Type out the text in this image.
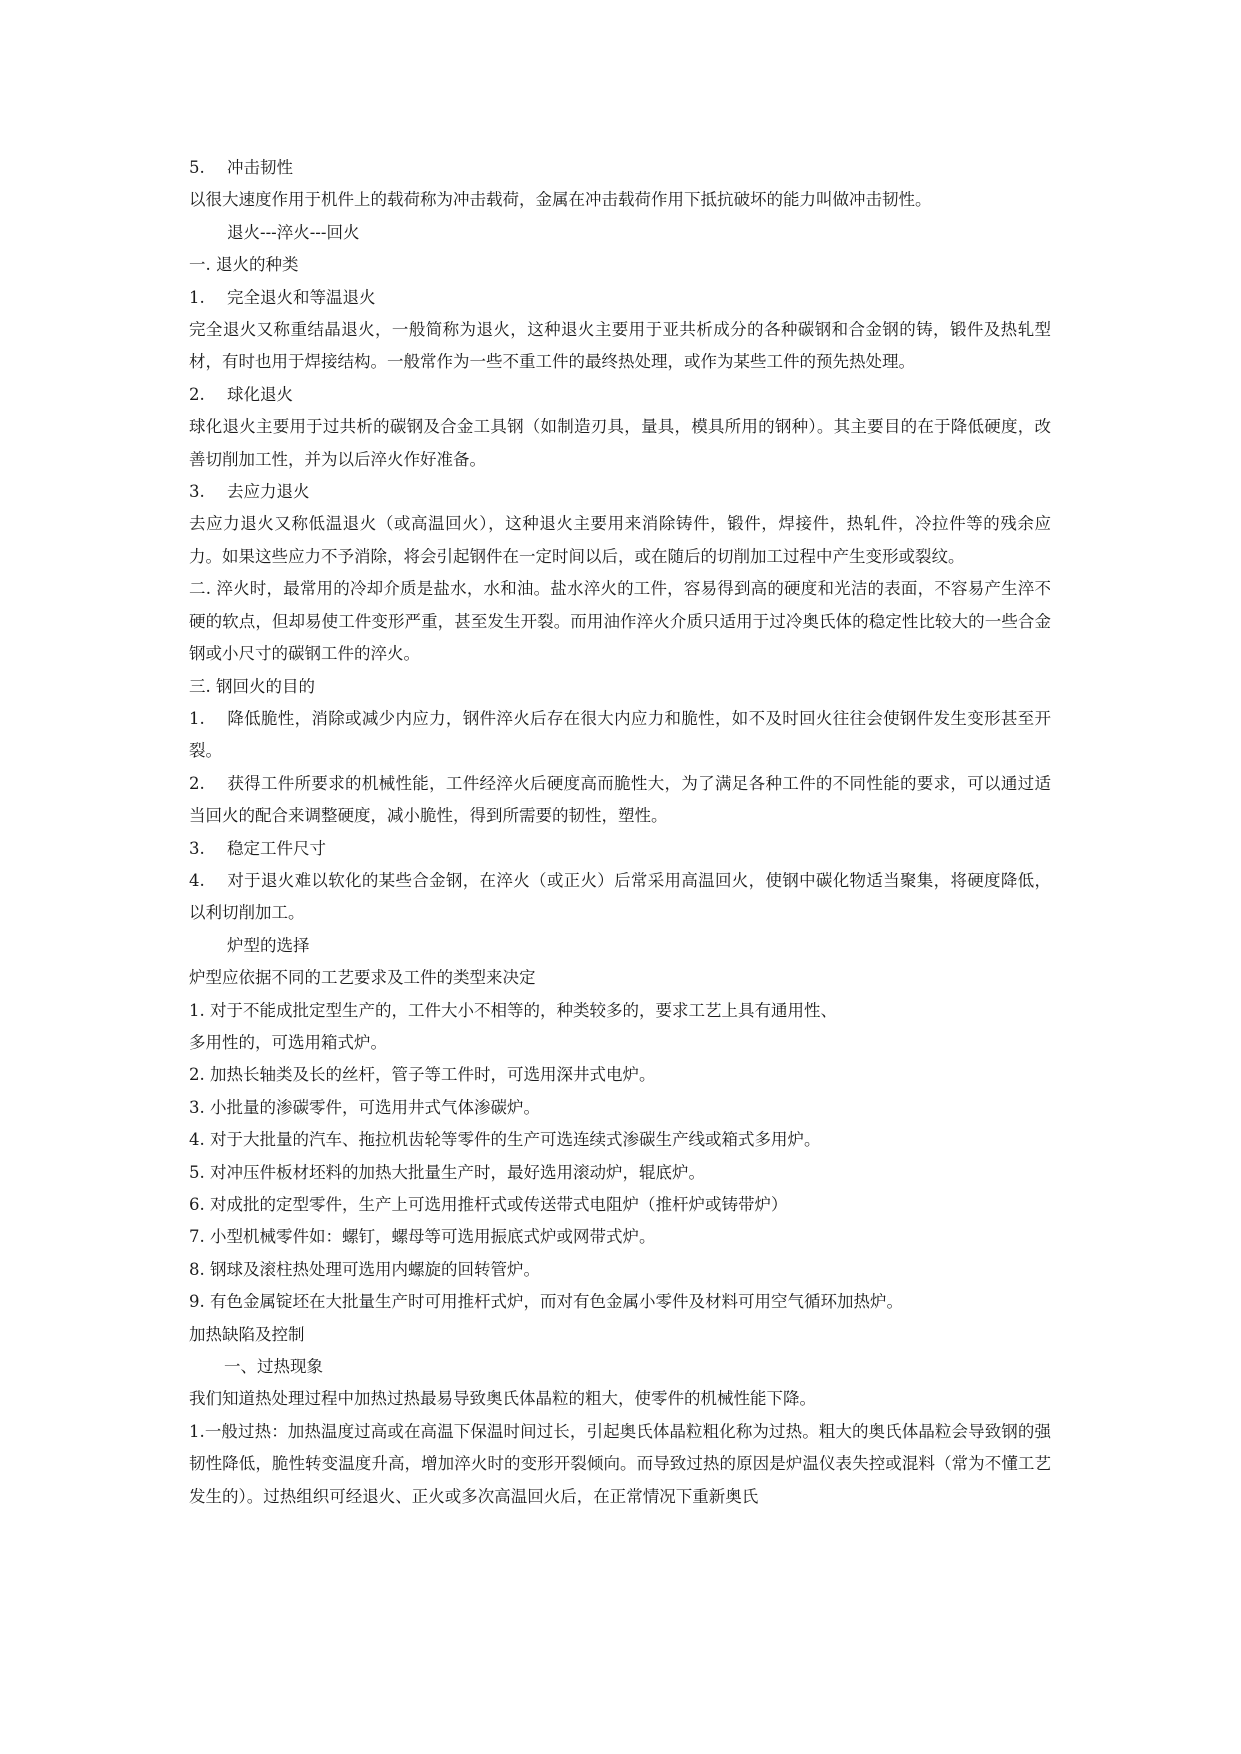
5. 冲击韧性

以很大速度作用于机件上的载荷称为冲击载荷，金属在冲击载荷作用下抵抗破坏的能力叫做冲击韧性。

退火---淬火---回火

一. 退火的种类

1. 完全退火和等温退火

完全退火又称重结晶退火，一般简称为退火，这种退火主要用于亚共析成分的各种碳钢和合金钢的铸，锻件及热轧型材，有时也用于焊接结构。一般常作为一些不重工件的最终热处理，或作为某些工件的预先热处理。

2. 球化退火

球化退火主要用于过共析的碳钢及合金工具钢（如制造刃具，量具，模具所用的钢种）。其主要目的在于降低硬度，改善切削加工性，并为以后淬火作好准备。

3. 去应力退火

去应力退火又称低温退火（或高温回火），这种退火主要用来消除铸件，锻件，焊接件，热轧件，冷拉件等的残余应力。如果这些应力不予消除，将会引起钢件在一定时间以后，或在随后的切削加工过程中产生变形或裂纹。

二. 淬火时，最常用的冷却介质是盐水，水和油。盐水淬火的工件，容易得到高的硬度和光洁的表面，不容易产生淬不硬的软点，但却易使工件变形严重，甚至发生开裂。而用油作淬火介质只适用于过冷奥氏体的稳定性比较大的一些合金钢或小尺寸的碳钢工件的淬火。

三. 钢回火的目的

1. 降低脆性，消除或减少内应力，钢件淬火后存在很大内应力和脆性，如不及时回火往往会使钢件发生变形甚至开裂。

2. 获得工件所要求的机械性能，工件经淬火后硬度高而脆性大，为了满足各种工件的不同性能的要求，可以通过适当回火的配合来调整硬度，减小脆性，得到所需要的韧性，塑性。

3. 稳定工件尺寸

4. 对于退火难以软化的某些合金钢，在淬火（或正火）后常采用高温回火，使钢中碳化物适当聚集，将硬度降低，以利切削加工。

炉型的选择

炉型应依据不同的工艺要求及工件的类型来决定

1. 对于不能成批定型生产的，工件大小不相等的，种类较多的，要求工艺上具有通用性、

多用性的，可选用箱式炉。

2. 加热长轴类及长的丝杆，管子等工件时，可选用深井式电炉。

3. 小批量的渗碳零件，可选用井式气体渗碳炉。

4. 对于大批量的汽车、拖拉机齿轮等零件的生产可选连续式渗碳生产线或箱式多用炉。

5. 对冲压件板材坯料的加热大批量生产时，最好选用滚动炉，辊底炉。

6. 对成批的定型零件，生产上可选用推杆式或传送带式电阻炉（推杆炉或铸带炉）

7. 小型机械零件如：螺钉，螺母等可选用振底式炉或网带式炉。

8. 钢球及滚柱热处理可选用内螺旋的回转管炉。

9. 有色金属锭坯在大批量生产时可用推杆式炉，而对有色金属小零件及材料可用空气循环加热炉。

加热缺陷及控制

一、过热现象

我们知道热处理过程中加热过热最易导致奥氏体晶粒的粗大，使零件的机械性能下降。

1.一般过热：加热温度过高或在高温下保温时间过长，引起奥氏体晶粒粗化称为过热。粗大的奥氏体晶粒会导致钢的强韧性降低，脆性转变温度升高，增加淬火时的变形开裂倾向。而导致过热的原因是炉温仪表失控或混料（常为不懂工艺发生的）。过热组织可经退火、正火或多次高温回火后，在正常情况下重新奥氏
